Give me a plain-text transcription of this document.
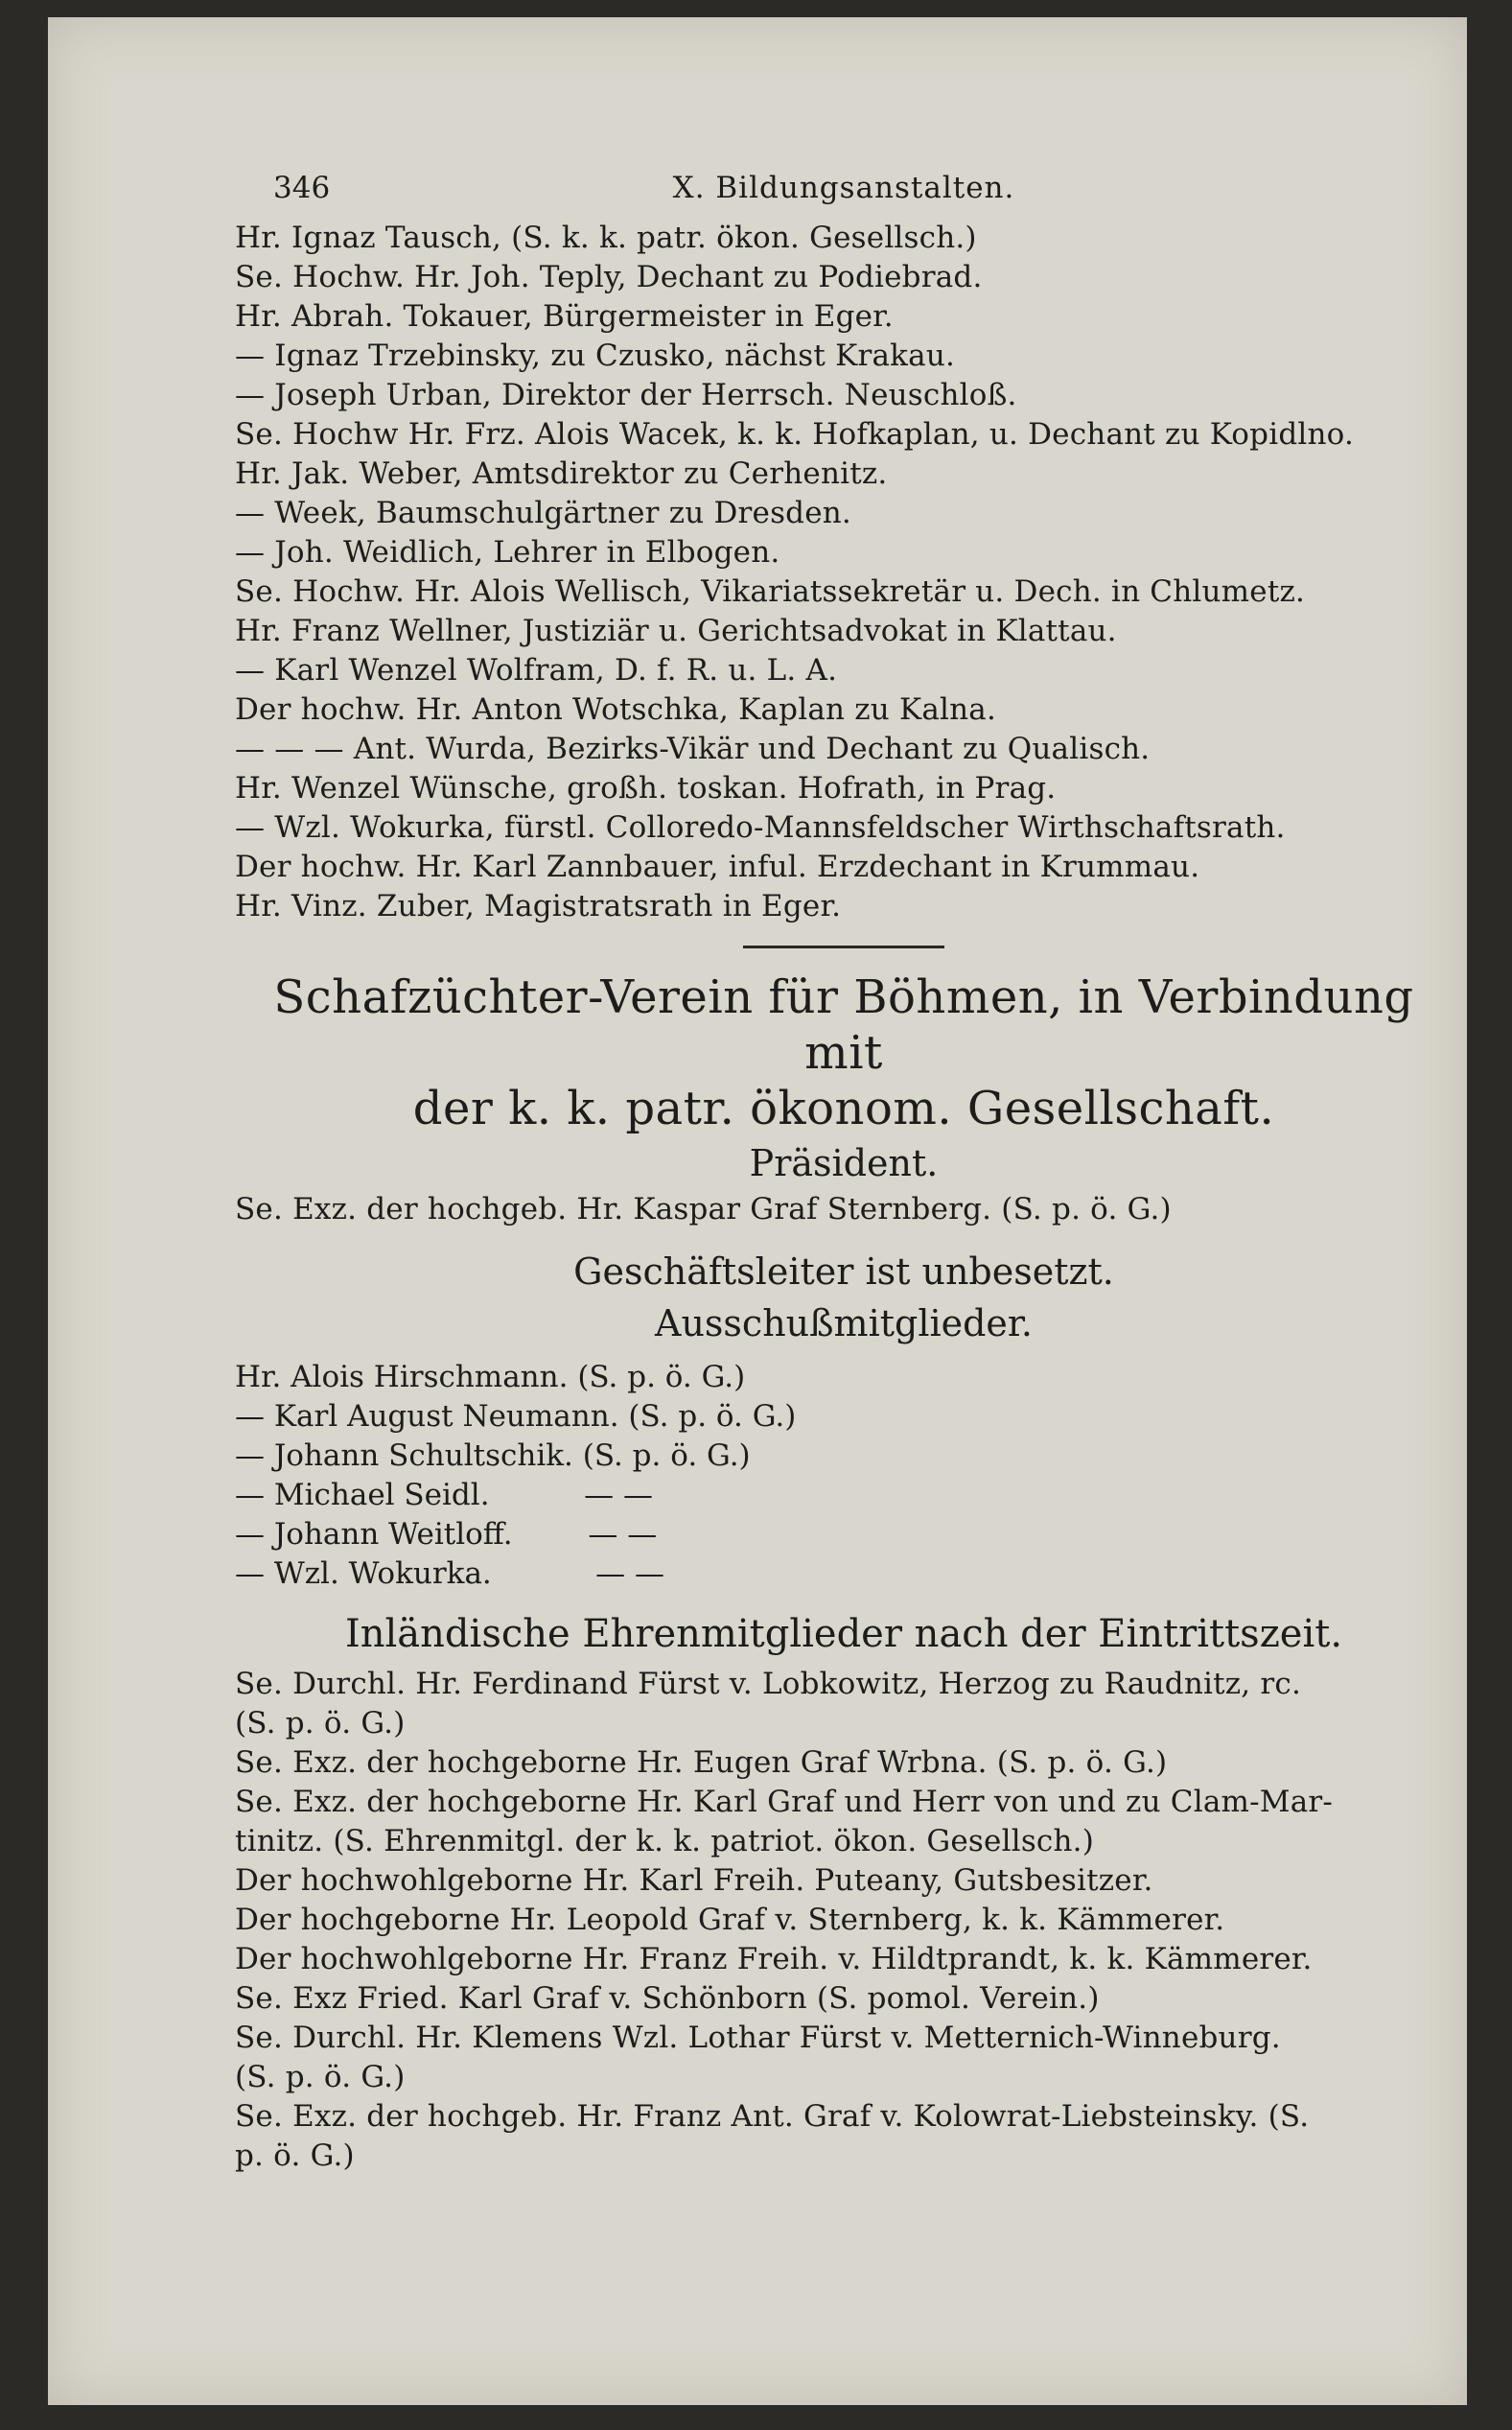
346	X. Bildungsanstalten.
Hr. Ignaz Tausch, (S. k. k. patr. ökon. Gesellsch.)
Se. Hochw. Hr. Joh. Teply, Dechant zu Podiebrad.
Hr. Abrah. Tokauer, Bürgermeister in Eger.
— Ignaz Trzebinsky, zu Czusko, nächst Krakau.
— Joseph Urban, Direktor der Herrsch. Neuschloß.
Se. Hochw Hr. Frz. Alois Wacek, k. k. Hofkaplan, u. Dechant zu Kopidlno.
Hr. Jak. Weber, Amtsdirektor zu Cerhenitz.
— Week, Baumschulgärtner zu Dresden.
— Joh. Weidlich, Lehrer in Elbogen.
Se. Hochw. Hr. Alois Wellisch, Vikariatssekretär u. Dech. in Chlumetz.
Hr. Franz Wellner, Justiziär u. Gerichtsadvokat in Klattau.
— Karl Wenzel Wolfram, D. f. R. u. L. A.
Der hochw. Hr. Anton Wotschka, Kaplan zu Kalna.
— — — Ant. Wurda, Bezirks-Vikär und Dechant zu Qualisch.
Hr. Wenzel Wünsche, großh. toskan. Hofrath, in Prag.
— Wzl. Wokurka, fürstl. Colloredo-Mannsfeldscher Wirthschaftsrath.
Der hochw. Hr. Karl Zannbauer, inful. Erzdechant in Krummau.
Hr. Vinz. Zuber, Magistratsrath in Eger.
Schafzüchter-Verein für Böhmen, in Verbindung mit
der k. k. patr. ökonom. Gesellschaft.
Präsident.
Se. Exz. der hochgeb. Hr. Kaspar Graf Sternberg. (S. p. ö. G.)
Geschäftsleiter ist unbesetzt.
Ausschußmitglieder.
Hr. Alois Hirschmann. (S. p. ö. G.)
— Karl August Neumann. (S. p. ö. G.)
— Johann Schultschik. (S. p. ö. G.)
— Michael Seidl.          — —
— Johann Weitloff.        — —
— Wzl. Wokurka.           — —
Inländische Ehrenmitglieder nach der Eintrittszeit.
Se. Durchl. Hr. Ferdinand Fürst v. Lobkowitz, Herzog zu Raudnitz, rc.
(S. p. ö. G.)
Se. Exz. der hochgeborne Hr. Eugen Graf Wrbna. (S. p. ö. G.)
Se. Exz. der hochgeborne Hr. Karl Graf und Herr von und zu Clam-Mar-
tinitz. (S. Ehrenmitgl. der k. k. patriot. ökon. Gesellsch.)
Der hochwohlgeborne Hr. Karl Freih. Puteany, Gutsbesitzer.
Der hochgeborne Hr. Leopold Graf v. Sternberg, k. k. Kämmerer.
Der hochwohlgeborne Hr. Franz Freih. v. Hildtprandt, k. k. Kämmerer.
Se. Exz Fried. Karl Graf v. Schönborn (S. pomol. Verein.)
Se. Durchl. Hr. Klemens Wzl. Lothar Fürst v. Metternich-Winneburg.
(S. p. ö. G.)
Se. Exz. der hochgeb. Hr. Franz Ant. Graf v. Kolowrat-Liebsteinsky. (S.
p. ö. G.)
